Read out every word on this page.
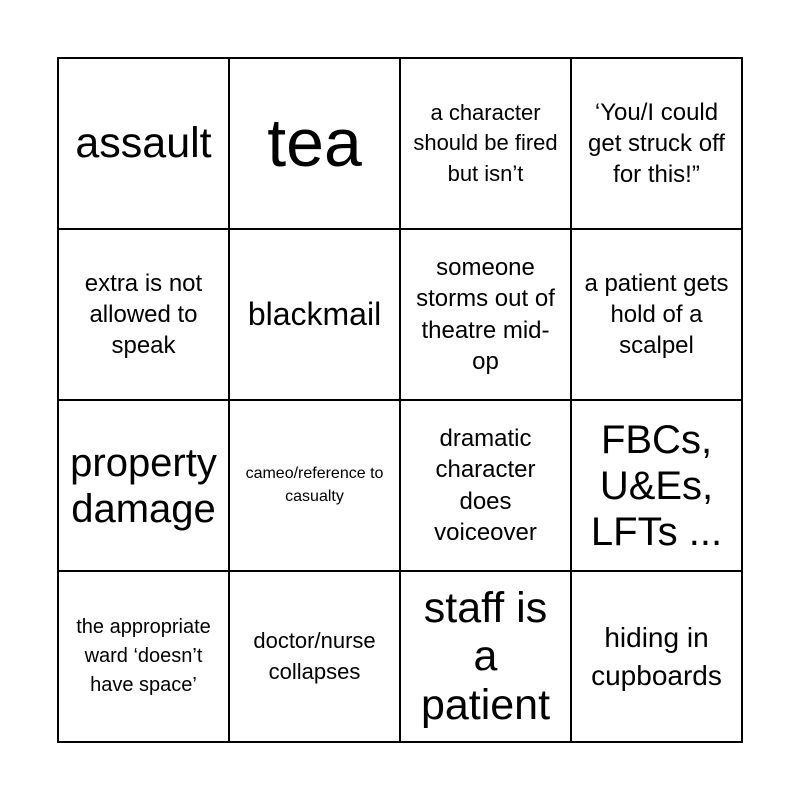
assault tea	a character should be fired but isn’t
‘You/I could get struck off for this!”
extra is not allowed to speak
blackmail
someone storms out of theatre mid-op
a patient gets hold of a scalpel
property damage
cameo/reference to casualty
dramatic character does voiceover
FBCs, U&Es, LFTs ...
the appropriate ward ‘doesn’t have space’
doctor/nurse collapses
staff is a patient
hiding in cupboards
